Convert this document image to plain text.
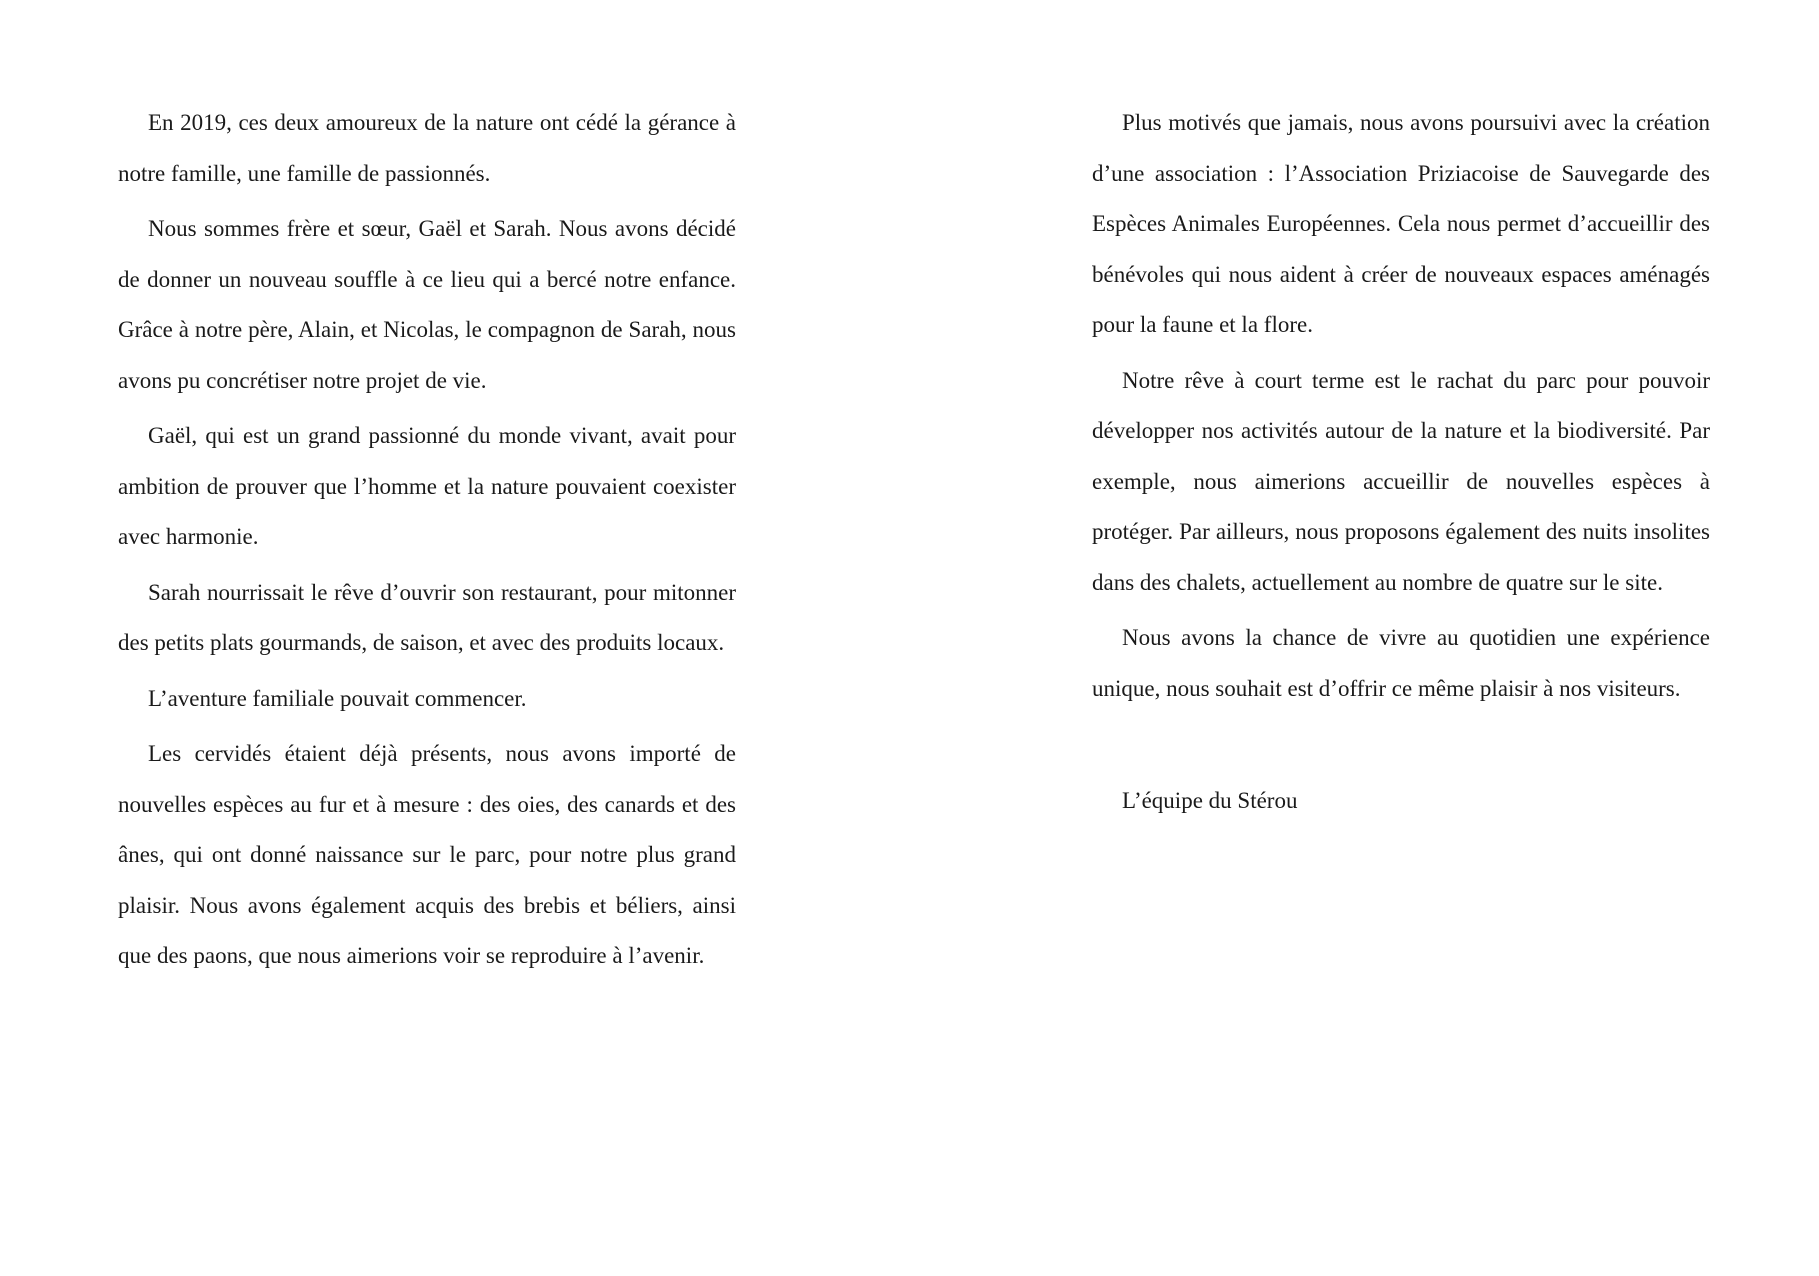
En 2019, ces deux amoureux de la nature ont cédé la gérance à notre famille, une famille de passionnés.

Nous sommes frère et sœur, Gaël et Sarah. Nous avons décidé de donner un nouveau souffle à ce lieu qui a bercé notre enfance. Grâce à notre père, Alain, et Nicolas, le compagnon de Sarah, nous avons pu concrétiser notre projet de vie.

Gaël, qui est un grand passionné du monde vivant, avait pour ambition de prouver que l’homme et la nature pouvaient coexister avec harmonie.

Sarah nourrissait le rêve d’ouvrir son restaurant, pour mitonner des petits plats gourmands, de saison, et avec des produits locaux.

L’aventure familiale pouvait commencer.

Les cervidés étaient déjà présents, nous avons importé de nouvelles espèces au fur et à mesure : des oies, des canards et des ânes, qui ont donné naissance sur le parc, pour notre plus grand plaisir. Nous avons également acquis des brebis et béliers, ainsi que des paons, que nous aimerions voir se reproduire à l’avenir.

Plus motivés que jamais, nous avons poursuivi avec la création d’une association : l’Association Priziacoise de Sauvegarde des Espèces Animales Européennes. Cela nous permet d’accueillir des bénévoles qui nous aident à créer de nouveaux espaces aménagés pour la faune et la flore.

Notre rêve à court terme est le rachat du parc pour pouvoir développer nos activités autour de la nature et la biodiversité. Par exemple, nous aimerions accueillir de nouvelles espèces à protéger. Par ailleurs, nous proposons également des nuits insolites dans des chalets, actuellement au nombre de quatre sur le site.

Nous avons la chance de vivre au quotidien une expérience unique, nous souhait est d’offrir ce même plaisir à nos visiteurs.

L’équipe du Stérou
